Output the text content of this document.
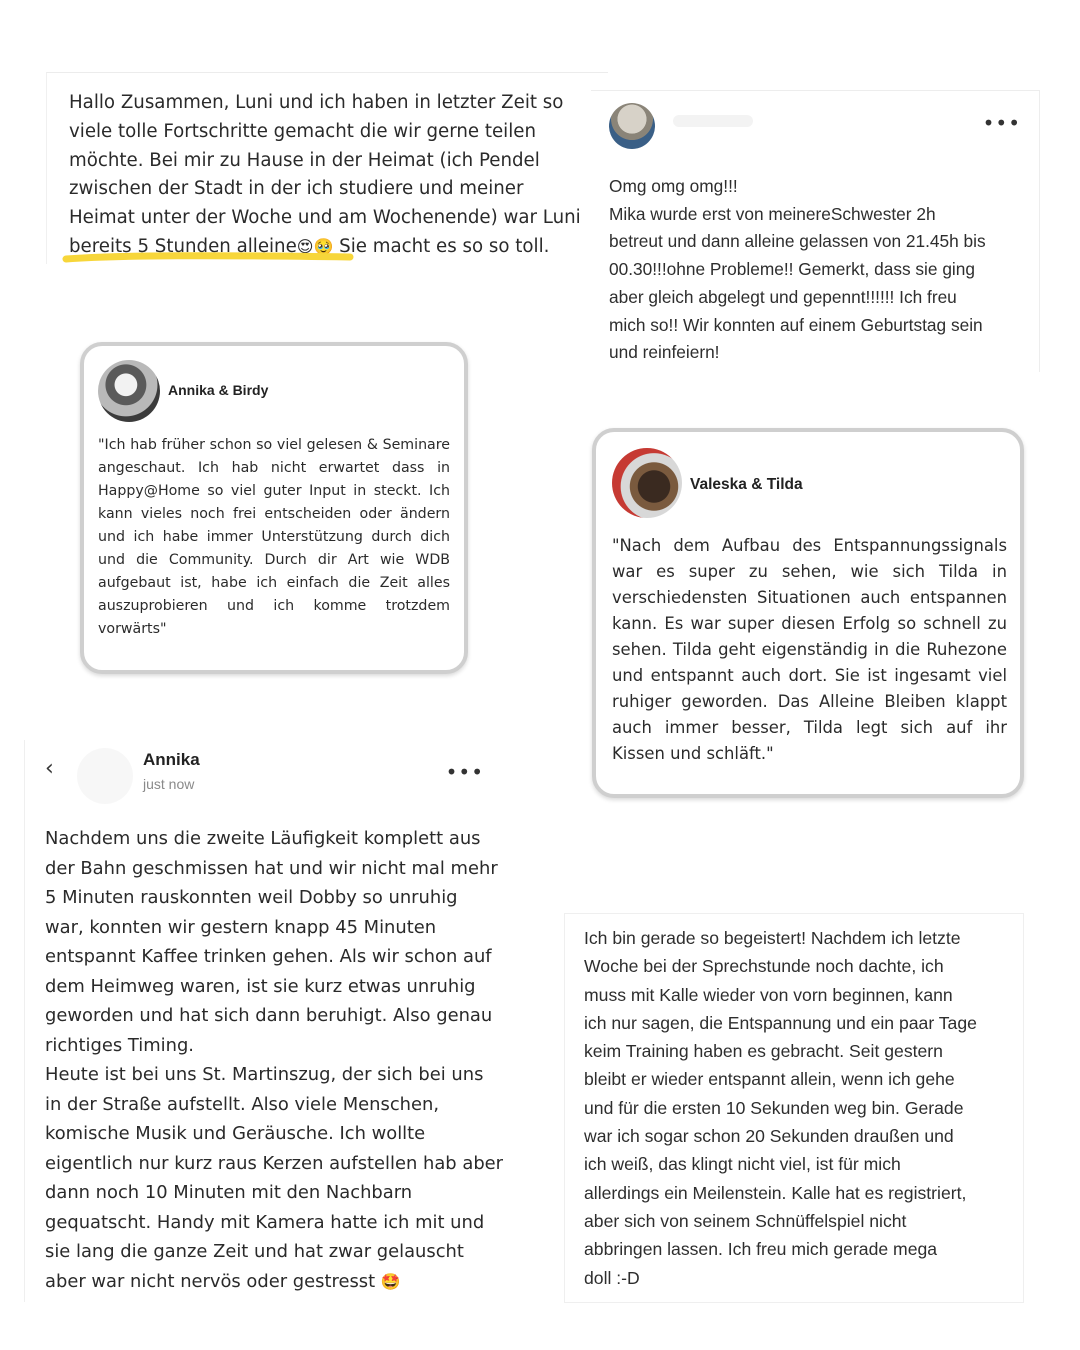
Hallo Zusammen, Luni und ich haben in letzter Zeit so
viele tolle Fortschritte gemacht die wir gerne teilen
möchte. Bei mir zu Hause in der Heimat (ich Pendel
zwischen der Stadt in der ich studiere und meiner
Heimat unter der Woche und am Wochenende) war Luni
bereits 5 Stunden alleine😍🥹 Sie macht es so so toll.
•••
Omg omg omg!!!
Mika wurde erst von meinereSchwester 2h
betreut und dann alleine gelassen von 21.45h bis
00.30!!!ohne Probleme!! Gemerkt, dass sie ging
aber gleich abgelegt und gepennt!!!!!! Ich freu
mich so!! Wir konnten auf einem Geburtstag sein
und reinfeiern!
Annika & Birdy
"Ich hab früher schon so viel gelesen & Seminare angeschaut. Ich hab nicht erwartet dass in Happy@Home so viel guter Input in steckt. Ich kann vieles noch frei entscheiden oder ändern und ich habe immer Unterstützung durch dich und die Community. Durch dir Art wie WDB aufgebaut ist, habe ich einfach die Zeit alles auszuprobieren und ich komme trotzdem vorwärts"
Valeska & Tilda
"Nach dem Aufbau des Entspannungssignals war es super zu sehen, wie sich Tilda in verschiedensten Situationen auch entspannen kann. Es war super diesen Erfolg so schnell zu sehen. Tilda geht eigenständig in die Ruhezone und entspannt auch dort. Sie ist ingesamt viel ruhiger geworden. Das Alleine Bleiben klappt auch immer besser, Tilda legt sich auf ihr Kissen und schläft."
‹	Annika
just now	•••
Nachdem uns die zweite Läufigkeit komplett aus
der Bahn geschmissen hat und wir nicht mal mehr
5 Minuten rauskonnten weil Dobby so unruhig
war, konnten wir gestern knapp 45 Minuten
entspannt Kaffee trinken gehen. Als wir schon auf
dem Heimweg waren, ist sie kurz etwas unruhig
geworden und hat sich dann beruhigt. Also genau
richtiges Timing.
Heute ist bei uns St. Martinszug, der sich bei uns
in der Straße aufstellt. Also viele Menschen,
komische Musik und Geräusche. Ich wollte
eigentlich nur kurz raus Kerzen aufstellen hab aber
dann noch 10 Minuten mit den Nachbarn
gequatscht. Handy mit Kamera hatte ich mit und
sie lang die ganze Zeit und hat zwar gelauscht
aber war nicht nervös oder gestresst 🤩
Ich bin gerade so begeistert! Nachdem ich letzte
Woche bei der Sprechstunde noch dachte, ich
muss mit Kalle wieder von vorn beginnen, kann
ich nur sagen, die Entspannung und ein paar Tage
keim Training haben es gebracht. Seit gestern
bleibt er wieder entspannt allein, wenn ich gehe
und für die ersten 10 Sekunden weg bin. Gerade
war ich sogar schon 20 Sekunden draußen und
ich weiß, das klingt nicht viel, ist für mich
allerdings ein Meilenstein. Kalle hat es registriert,
aber sich von seinem Schnüffelspiel nicht
abbringen lassen. Ich freu mich gerade mega
doll :-D
